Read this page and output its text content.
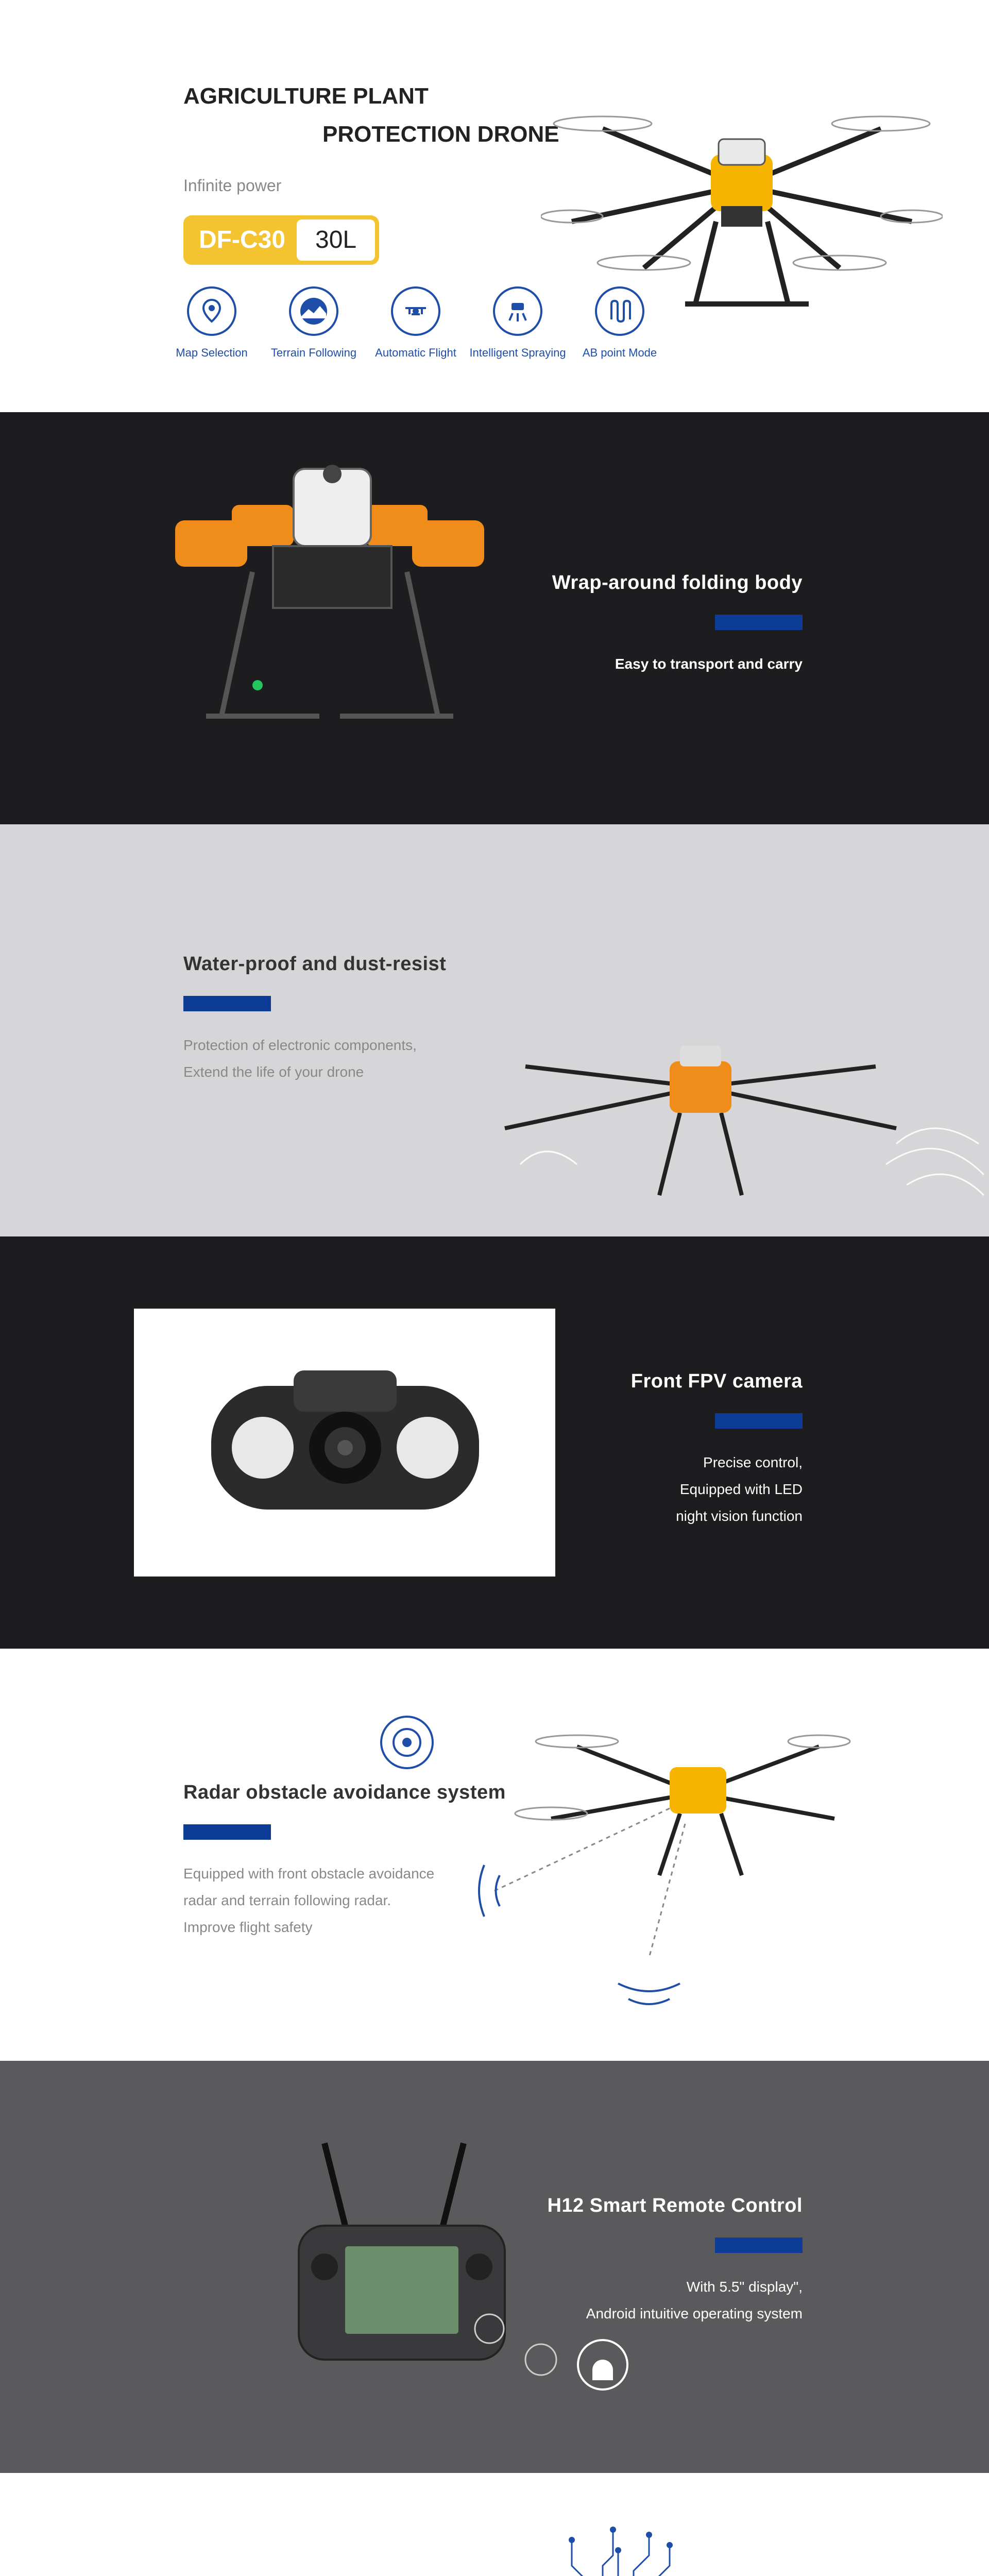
AGRICULTURE PLANT
PROTECTION DRONE
Infinite power
DF-C30	30L
Map Selection Terrain Following Automatic Flight Intelligent Spraying AB point Mode
Wrap-around folding body
Easy to transport and carry
Water-proof and dust-resist
Protection of electronic components,
Extend the life of your drone
Front FPV camera
Precise control,
Equipped with LED
night vision function
Radar obstacle avoidance system
Equipped with front obstacle avoidance
radar and terrain following radar.
Improve flight safety
H12 Smart Remote Control
With 5.5" display",
Android intuitive operating system
